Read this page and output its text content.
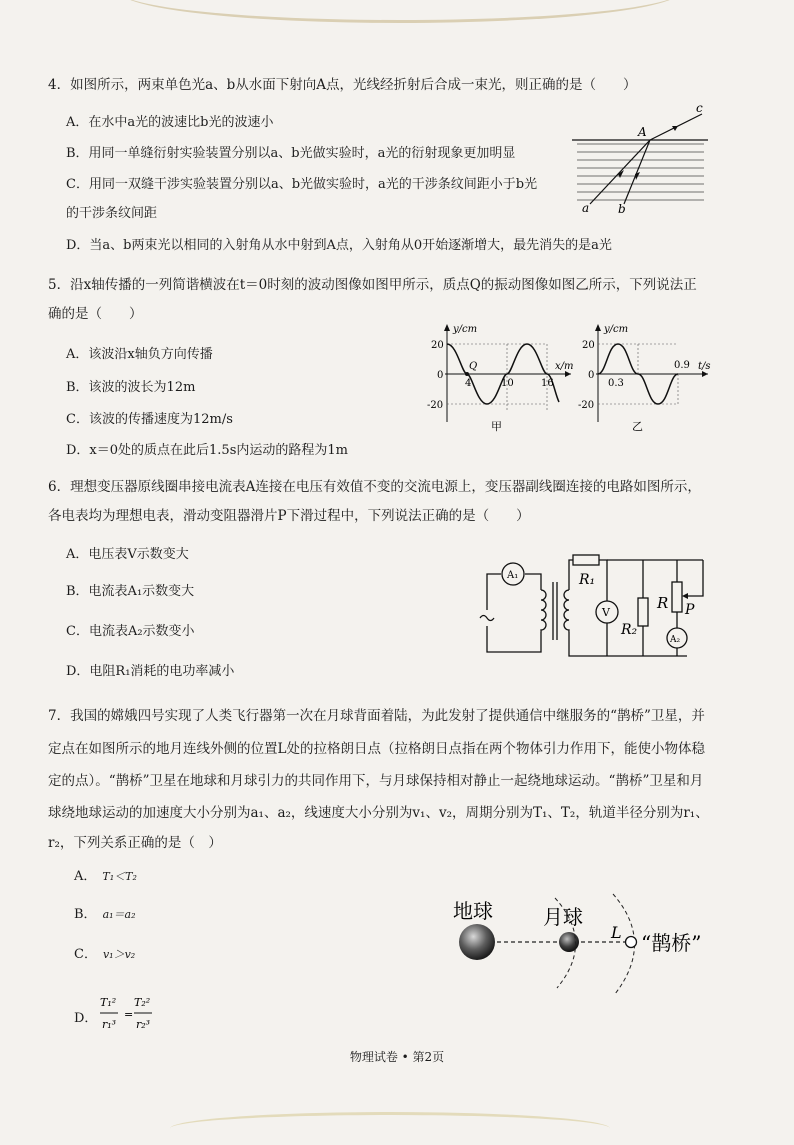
4．如图所示，两束单色光a、b从水面下射向A点，光线经折射后合成一束光，则正确的是（　　）
A．在水中a光的波速比b光的波速小
B．用同一单缝衍射实验装置分别以a、b光做实验时，a光的衍射现象更加明显
C．用同一双缝干涉实验装置分别以a、b光做实验时，a光的干涉条纹间距小于b光
的干涉条纹间距
D．当a、b两束光以相同的入射角从水中射到A点，入射角从0开始逐渐增大，最先消失的是a光
A
c
a b
5．沿x轴传播的一列简谐横波在t＝0时刻的波动图像如图甲所示，质点Q的振动图像如图乙所示，下列说法正
确的是（　　）
A．该波沿x轴负方向传播
B．该波的波长为12m
C．该波的传播速度为12m/s
D．x＝0处的质点在此后1.5s内运动的路程为1m
y/cm
x/m
20
0
-20
4	10	16
Q
甲
y/cm
t/s
20
0
-20
0.3
0.9
乙
6．理想变压器原线圈串接电流表A连接在电压有效值不变的交流电源上，变压器副线圈连接的电路如图所示，
各电表均为理想电表，滑动变阻器滑片P下滑过程中，下列说法正确的是（　　）
A．电压表V示数变大
B．电流表A₁示数变大
C．电流表A₂示数变小
D．电阻R₁消耗的电功率减小
A₁	R₁
V
R₂
R P
A₂
7．我国的嫦娥四号实现了人类飞行器第一次在月球背面着陆，为此发射了提供通信中继服务的“鹊桥”卫星，并
定点在如图所示的地月连线外侧的位置L处的拉格朗日点（拉格朗日点指在两个物体引力作用下，能使小物体稳
定的点）。“鹊桥”卫星在地球和月球引力的共同作用下，与月球保持相对静止一起绕地球运动。“鹊桥”卫星和月
球绕地球运动的加速度大小分别为a₁、a₂，线速度大小分别为v₁、v₂，周期分别为T₁、T₂，轨道半径分别为r₁、
r₂，下列关系正确的是（　）
A． T₁＜T₂
B． a₁＝a₂
C． v₁＞v₂
D．
T₁²
r₁³
=
T₂²
r₂³
地球	月球
L “鹊桥”
物理试卷 • 第2页
